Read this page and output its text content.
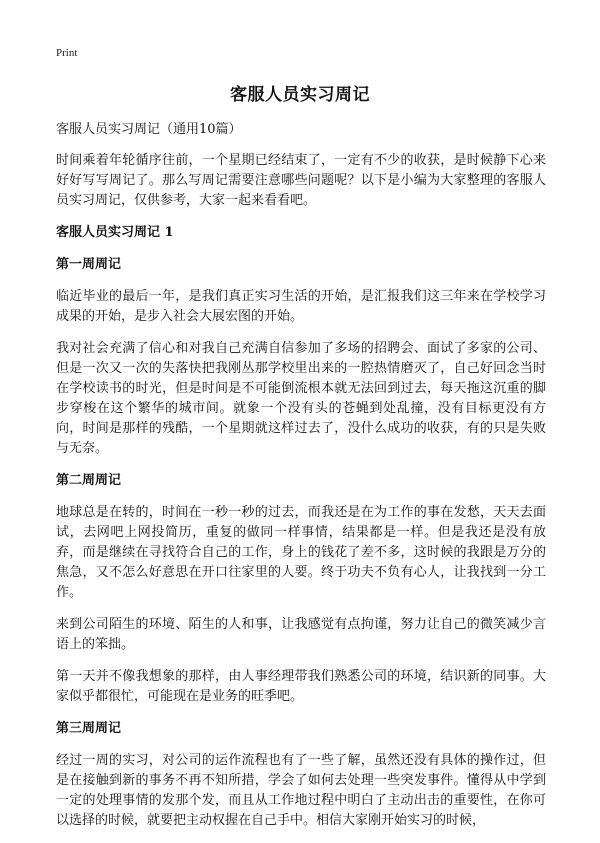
Print
客服人员实习周记

客服人员实习周记（通用10篇）

时间乘着年轮循序往前，一个星期已经结束了，一定有不少的收获，是时候静下心来好好写写周记了。那么写周记需要注意哪些问题呢？以下是小编为大家整理的客服人员实习周记，仅供参考，大家一起来看看吧。

客服人员实习周记 1
第一周周记

临近毕业的最后一年，是我们真正实习生活的开始，是汇报我们这三年来在学校学习成果的开始，是步入社会大展宏图的开始。

我对社会充满了信心和对我自己充满自信参加了多场的招聘会、面试了多家的公司、但是一次又一次的失落快把我刚丛那学校里出来的一腔热情磨灭了，自己好回念当时在学校读书的时光，但是时间是不可能倒流根本就无法回到过去，每天拖这沉重的脚步穿梭在这个繁华的城市间。就象一个没有头的苍蝇到处乱撞，没有目标更没有方向，时间是那样的残酷，一个星期就这样过去了，没什么成功的收获，有的只是失败与无奈。

第二周周记

地球总是在转的，时间在一秒一秒的过去，而我还是在为工作的事在发愁，天天去面试，去网吧上网投简历，重复的做同一样事情，结果都是一样。但是我还是没有放弃，而是继续在寻找符合自己的工作，身上的钱花了差不多，这时候的我跟是万分的焦急，又不怎么好意思在开口往家里的人要。终于功夫不负有心人，让我找到一分工作。

来到公司陌生的环境、陌生的人和事，让我感觉有点拘谨，努力让自己的微笑减少言语上的笨拙。

第一天并不像我想象的那样，由人事经理带我们熟悉公司的环境，结识新的同事。大家似乎都很忙，可能现在是业务的旺季吧。

第三周周记

经过一周的实习，对公司的运作流程也有了一些了解，虽然还没有具体的操作过，但是在接触到新的事务不再不知所措，学会了如何去处理一些突发事件。懂得从中学到一定的处理事情的发那个发，而且从工作地过程中明白了主动出击的重要性，在你可以选择的时候，就要把主动权握在自己手中。相信大家刚开始实习的时候，
